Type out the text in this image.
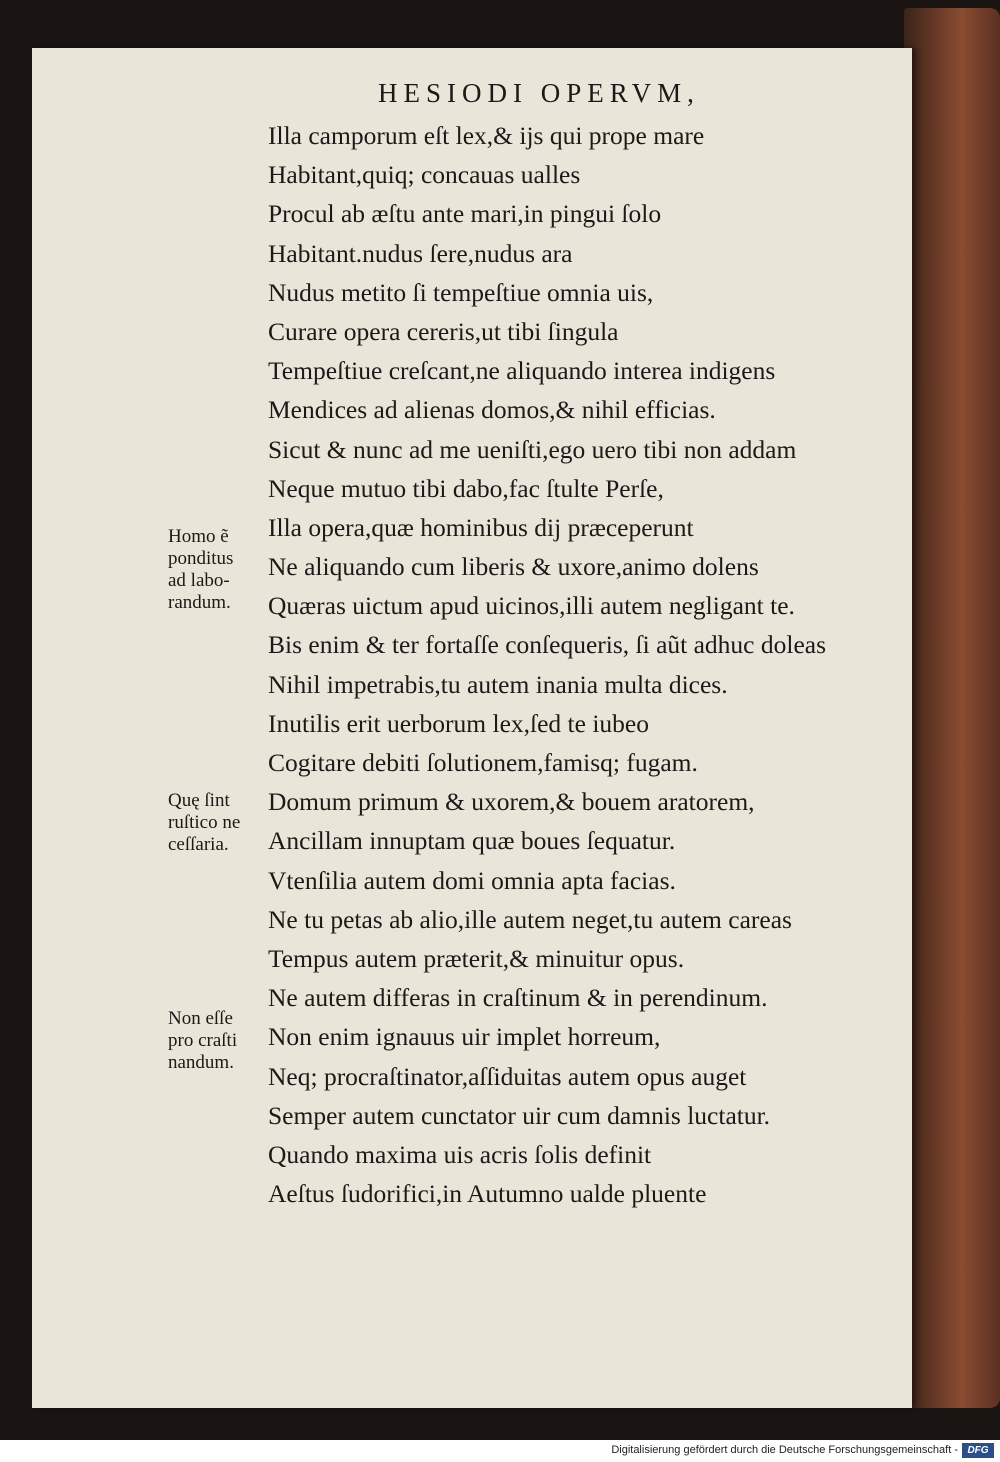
HESIODI OPERVM,
Illa camporum eſt lex,& ijs qui prope mare
Habitant,quiq; concauas ualles
Procul ab æſtu ante mari,in pingui ſolo
Habitant.nudus ſere,nudus ara
Nudus metito ſi tempeſtiue omnia uis,
Curare opera cereris,ut tibi ſingula
Tempeſtiue creſcant,ne aliquando interea indigens
Mendices ad alienas domos,& nihil efficias.
Sicut & nunc ad me ueniſti,ego uero tibi non addam
Neque mutuo tibi dabo,fac ſtulte Perſe,
Illa opera,quæ hominibus dij præceperunt
Ne aliquando cum liberis & uxore,animo dolens
Quæras uictum apud uicinos,illi autem negligant te.
Bis enim & ter fortaſſe conſequeris, ſi aũt adhuc doleas
Nihil impetrabis,tu autem inania multa dices.
Inutilis erit uerborum lex,ſed te iubeo
Cogitare debiti ſolutionem,famisq; fugam.
Domum primum & uxorem,& bouem aratorem,
Ancillam innuptam quæ boues ſequatur.
Vtenſilia autem domi omnia apta facias.
Ne tu petas ab alio,ille autem neget,tu autem careas
Tempus autem præterit,& minuitur opus.
Ne autem differas in craſtinum & in perendinum.
Non enim ignauus uir implet horreum,
Neq; procraſtinator,aſſiduitas autem opus auget
Semper autem cunctator uir cum damnis luctatur.
Quando maxima uis acris ſolis definit
Aeſtus ſudorifici,in Autumno ualde pluente
Homo ẽ
ponditus
ad labo-
randum.
Quę ſint
ruſtico ne
ceſſaria.
Non eſſe
pro craſti
nandum.
Digitalisierung gefördert durch die Deutsche Forschungsgemeinschaft - DFG
